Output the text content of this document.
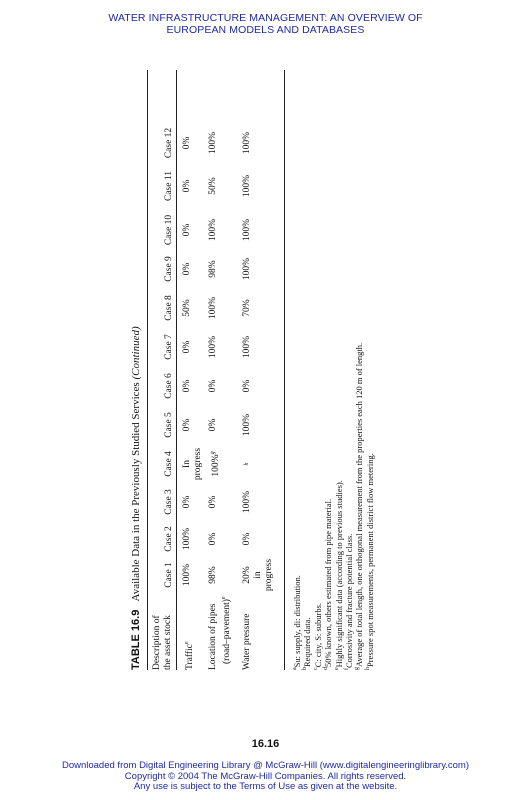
WATER INFRASTRUCTURE MANAGEMENT: AN OVERVIEW OF
EUROPEAN MODELS AND DATABASES
TABLE 16.9   Available Data in the Previously Studied Services (Continued)
Description of the asset stock
Case 1
Case 2
Case 3
Case 4
Case 5
Case 6
Case 7
Case 8
Case 9
Case 10
Case 11
Case 12
Traffic$^e$
100%
100%
0%
In progress
0%
0%
0%
50%
0%
0%
0%
0%
Location of pipes (road–pavement)$^e$
98%
0%
0%
100%$^g$
0%
0%
100%
100%
98%
100%
50%
100%
Water pressure
20% in progress
0%
100%
$^h$
100%
0%
100%
70%
100%
100%
100%
100%
$^a$Su: supply, di: distribution.
$^b$Required data.
$^c$C: city, S: suburbs.
$^d$50% known, others estimated from pipe material.
$^e$Highly significant data (according to previous studies).
$^f$Corrosivity and fracture potential class.
$^g$Average of total length, one orthogonal measurement from the properties each 120 m of length.
$^h$Pressure spot measurements, permanent district flow metering.
16.16
Downloaded from Digital Engineering Library @ McGraw-Hill (www.digitalengineeringlibrary.com)
Copyright © 2004 The McGraw-Hill Companies. All rights reserved.
Any use is subject to the Terms of Use as given at the website.
